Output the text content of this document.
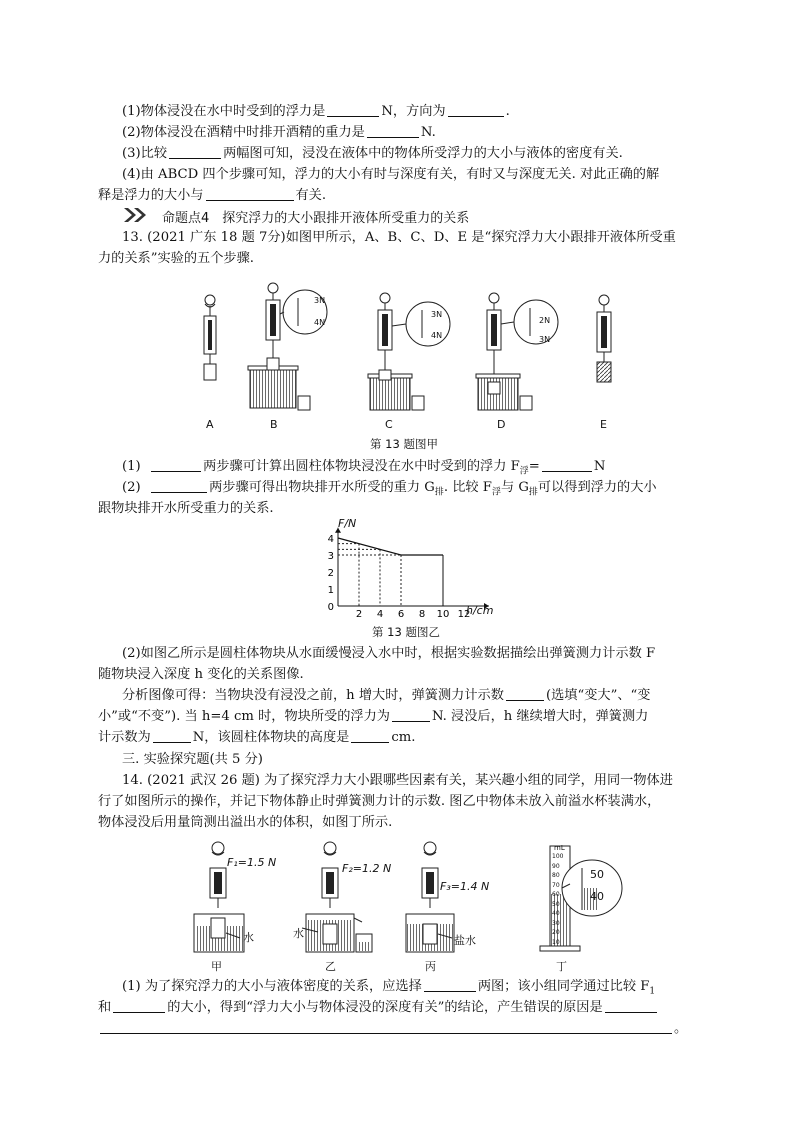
(1)物体浸没在水中时受到的浮力是	N，方向为	.
(2)物体浸没在酒精中时排开酒精的重力是	N.
(3)比较	两幅图可知，浸没在液体中的物体所受浮力的大小与液体的密度有关.
(4)由 ABCD 四个步骤可知，浮力的大小有时与深度有关，有时又与深度无关. 对此正确的解
释是浮力的大小与	有关.
命题点4　探究浮力的大小跟排开液体所受重力的关系
13. (2021 广东 18 题 7分)如图甲所示，A、B、C、D、E 是“探究浮力大小跟排开液体所受重
力的关系”实验的五个步骤.
3N
4N
3N
4N
2N
3N
A	B	C	D	E
第 13 题图甲
(1)	两步骤可计算出圆柱体物块浸没在水中时受到的浮力 $F_浮=$	N
(2)	两步骤可得出物块排开水所受的重力 $G_排$. 比较 $F_浮$与 $G_排$可以得到浮力的大小
跟物块排开水所受重力的关系.
2 4 6 8 10 12
0
1
2
3
4
F/N
h/cm
第 13 题图乙
(2)如图乙所示是圆柱体物块从水面缓慢浸入水中时，根据实验数据描绘出弹簧测力计示数 F
随物块浸入深度 h 变化的关系图像.
分析图像可得：当物块没有浸没之前，h 增大时，弹簧测力计示数	(选填“变大”、“变
小”或“不变”). 当 h=4 cm 时，物块所受的浮力为	N. 浸没后，h 继续增大时，弹簧测力
计示数为	N，该圆柱体物块的高度是	cm.
三. 实验探究题(共 5 分)
14. (2021 武汉 26 题) 为了探究浮力大小跟哪些因素有关，某兴趣小组的同学，用同一物体进
行了如图所示的操作，并记下物体静止时弹簧测力计的示数. 图乙中物体未放入前溢水杯装满水，
物体浸没后用量筒测出溢出水的体积，如图丁所示.
F₁=1.5 N	F₂=1.2 N
F₃=1.4 N
水	水
盐水
mL
100
90
80
70
60
50
40
30
20
10
50
40
甲	乙	丙	丁
(1) 为了探究浮力的大小与液体密度的关系，应选择	两图；该小组同学通过比较 $F_1$
和	的大小，得到“浮力大小与物体浸没的深度有关”的结论，产生错误的原因是
。
